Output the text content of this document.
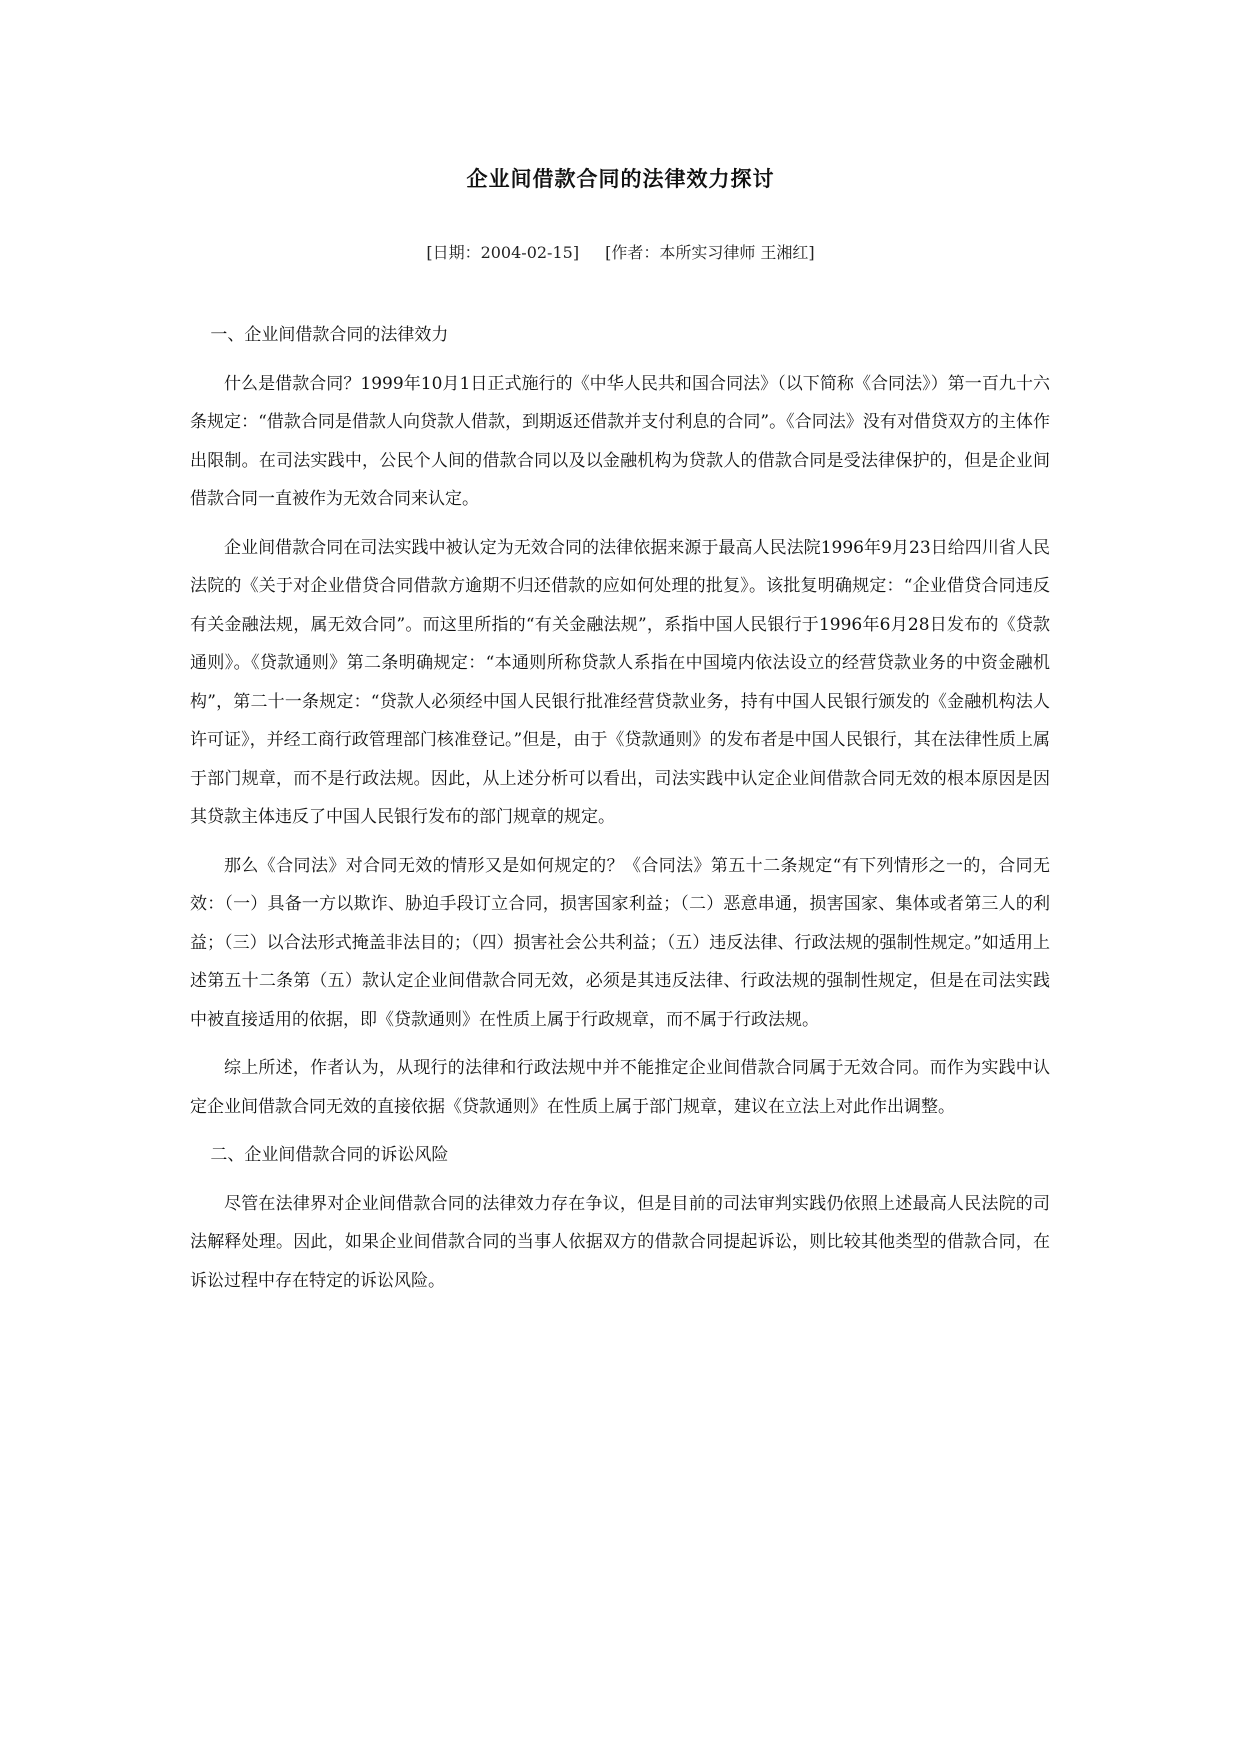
企业间借款合同的法律效力探讨
[日期：2004-02-15] [作者：本所实习律师 王湘红]

一、企业间借款合同的法律效力

什么是借款合同？1999年10月1日正式施行的《中华人民共和国合同法》（以下简称《合同法》）第一百九十六条规定：“借款合同是借款人向贷款人借款，到期返还借款并支付利息的合同”。《合同法》没有对借贷双方的主体作出限制。在司法实践中，公民个人间的借款合同以及以金融机构为贷款人的借款合同是受法律保护的，但是企业间借款合同一直被作为无效合同来认定。

企业间借款合同在司法实践中被认定为无效合同的法律依据来源于最高人民法院1996年9月23日给四川省人民法院的《关于对企业借贷合同借款方逾期不归还借款的应如何处理的批复》。该批复明确规定：“企业借贷合同违反有关金融法规，属无效合同”。而这里所指的“有关金融法规”，系指中国人民银行于1996年6月28日发布的《贷款通则》。《贷款通则》第二条明确规定：“本通则所称贷款人系指在中国境内依法设立的经营贷款业务的中资金融机构”，第二十一条规定：“贷款人必须经中国人民银行批准经营贷款业务，持有中国人民银行颁发的《金融机构法人许可证》，并经工商行政管理部门核准登记。”但是，由于《贷款通则》的发布者是中国人民银行，其在法律性质上属于部门规章，而不是行政法规。因此，从上述分析可以看出，司法实践中认定企业间借款合同无效的根本原因是因其贷款主体违反了中国人民银行发布的部门规章的规定。

那么《合同法》对合同无效的情形又是如何规定的？《合同法》第五十二条规定“有下列情形之一的，合同无效：（一）具备一方以欺诈、胁迫手段订立合同，损害国家利益；（二）恶意串通，损害国家、集体或者第三人的利益；（三）以合法形式掩盖非法目的；（四）损害社会公共利益；（五）违反法律、行政法规的强制性规定。”如适用上述第五十二条第（五）款认定企业间借款合同无效，必须是其违反法律、行政法规的强制性规定，但是在司法实践中被直接适用的依据，即《贷款通则》在性质上属于行政规章，而不属于行政法规。

综上所述，作者认为，从现行的法律和行政法规中并不能推定企业间借款合同属于无效合同。而作为实践中认定企业间借款合同无效的直接依据《贷款通则》在性质上属于部门规章，建议在立法上对此作出调整。

二、企业间借款合同的诉讼风险

尽管在法律界对企业间借款合同的法律效力存在争议，但是目前的司法审判实践仍依照上述最高人民法院的司法解释处理。因此，如果企业间借款合同的当事人依据双方的借款合同提起诉讼，则比较其他类型的借款合同，在诉讼过程中存在特定的诉讼风险。
